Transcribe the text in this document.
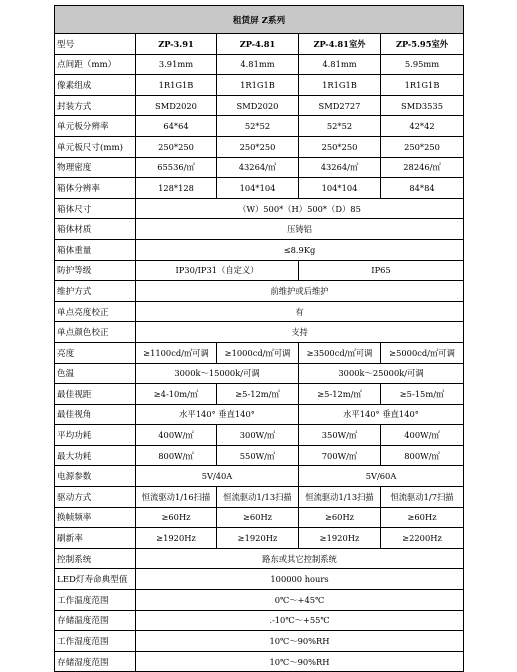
租赁屏 Z系列				
型号	ZP-3.91	ZP-4.81	ZP-4.81室外	ZP-5.95室外
点间距（mm）	3.91mm	4.81mm	4.81mm	5.95mm
像素组成	1R1G1B	1R1G1B	1R1G1B	1R1G1B
封装方式	SMD2020	SMD2020	SMD2727	SMD3535
单元板分辨率	64*64	52*52	52*52	42*42
单元板尺寸(mm)	250*250	250*250	250*250	250*250
物理密度	65536/㎡	43264/㎡	43264/㎡	28246/㎡
箱体分辨率	128*128	104*104	104*104	84*84
箱体尺寸	（W）500*（H）500*（D）85			
箱体材质	压铸铝			
箱体重量	≤8.9Kg			
防护等级	IP30/IP31（自定义）		IP65	
维护方式	前维护或后维护			
单点亮度校正	有			
单点颜色校正	支持			
亮度	≥1100cd/㎡可调	≥1000cd/㎡可调	≥3500cd/㎡可调	≥5000cd/㎡可调
色温	3000k～15000k/可调		3000k～25000k/可调	
最佳视距	≥4-10m/㎡	≥5-12m/㎡	≥5-12m/㎡	≥5-15m/㎡
最佳视角	水平140° 垂直140°		水平140° 垂直140°	
平均功耗	400W/㎡	300W/㎡	350W/㎡	400W/㎡
最大功耗	800W/㎡	550W/㎡	700W/㎡	800W/㎡
电源参数	5V/40A		5V/60A	
驱动方式	恒流驱动1/16扫描	恒流驱动1/13扫描	恒流驱动1/13扫描	恒流驱动1/7扫描
换帧频率	≥60Hz	≥60Hz	≥60Hz	≥60Hz
刷新率	≥1920Hz	≥1920Hz	≥1920Hz	≥2200Hz
控制系统	路东或其它控制系统			
LED灯寿命典型值	100000 hours			
工作温度范围	0℃～+45℃			
存储温度范围	.-10℃～+55℃			
工作湿度范围	10℃～90%RH			
存储湿度范围	10℃～90%RH			
